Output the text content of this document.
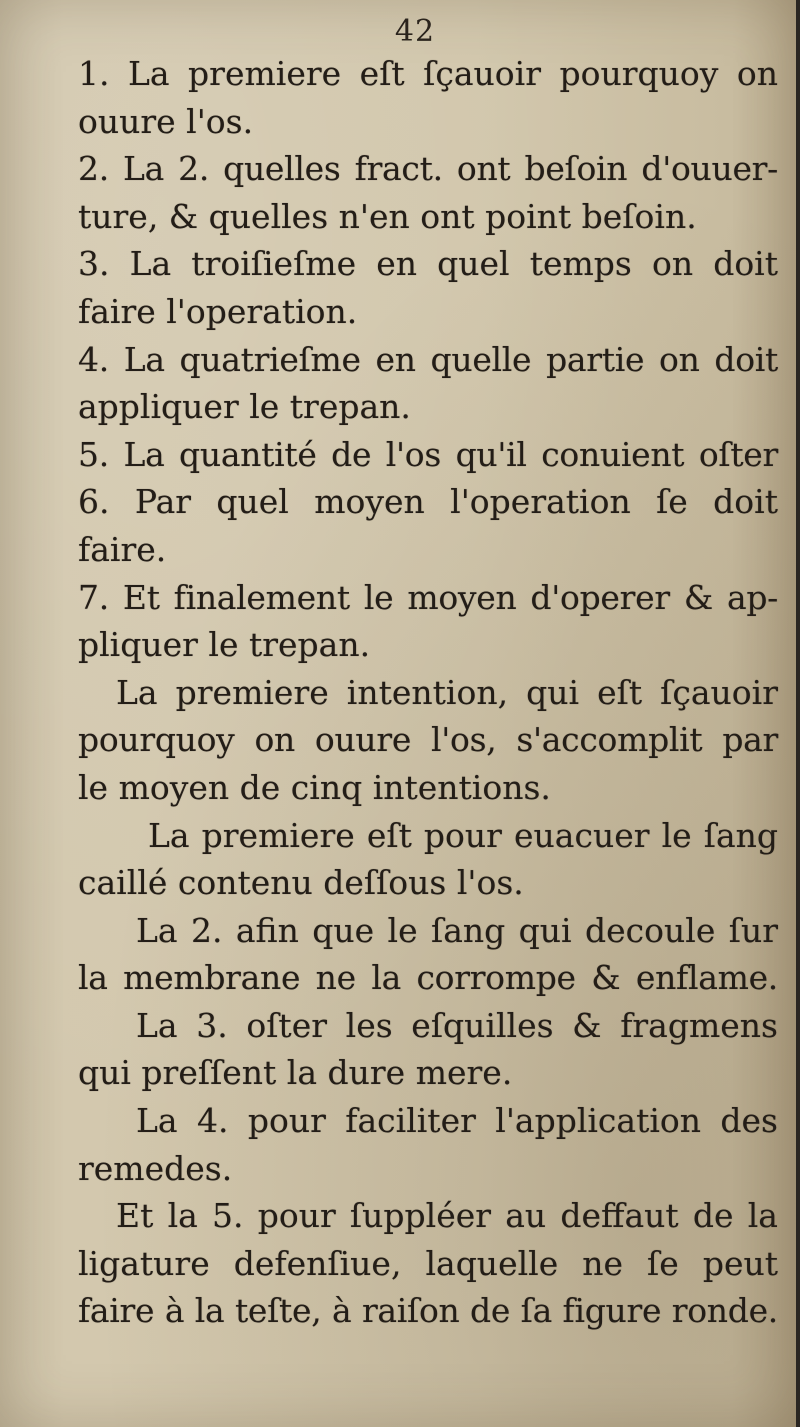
42
1. La premiere eſt ſçauoir pourquoy on
ouure l'os.
2. La 2. quelles fract. ont beſoin d'ouuer-
ture, & quelles n'en ont point beſoin.
3. La troiſieſme en quel temps on doit
faire l'operation.
4. La quatrieſme en quelle partie on doit
appliquer le trepan.
5. La quantité de l'os qu'il conuient oſter
6. Par quel moyen l'operation ſe doit
faire.
7. Et finalement le moyen d'operer & ap-
pliquer le trepan.
La premiere intention, qui eſt ſçauoir
pourquoy on ouure l'os, s'accomplit par
le moyen de cinq intentions.
La premiere eſt pour euacuer le ſang
caillé contenu deſſous l'os.
La 2. afin que le ſang qui decoule ſur
la membrane ne la corrompe & enflame.
La 3. oſter les eſquilles & fragmens
qui preſſent la dure mere.
La 4. pour faciliter l'application des
remedes.
Et la 5. pour ſuppléer au deffaut de la
ligature defenſiue, laquelle ne ſe peut
faire à la teſte, à raiſon de ſa figure ronde.
